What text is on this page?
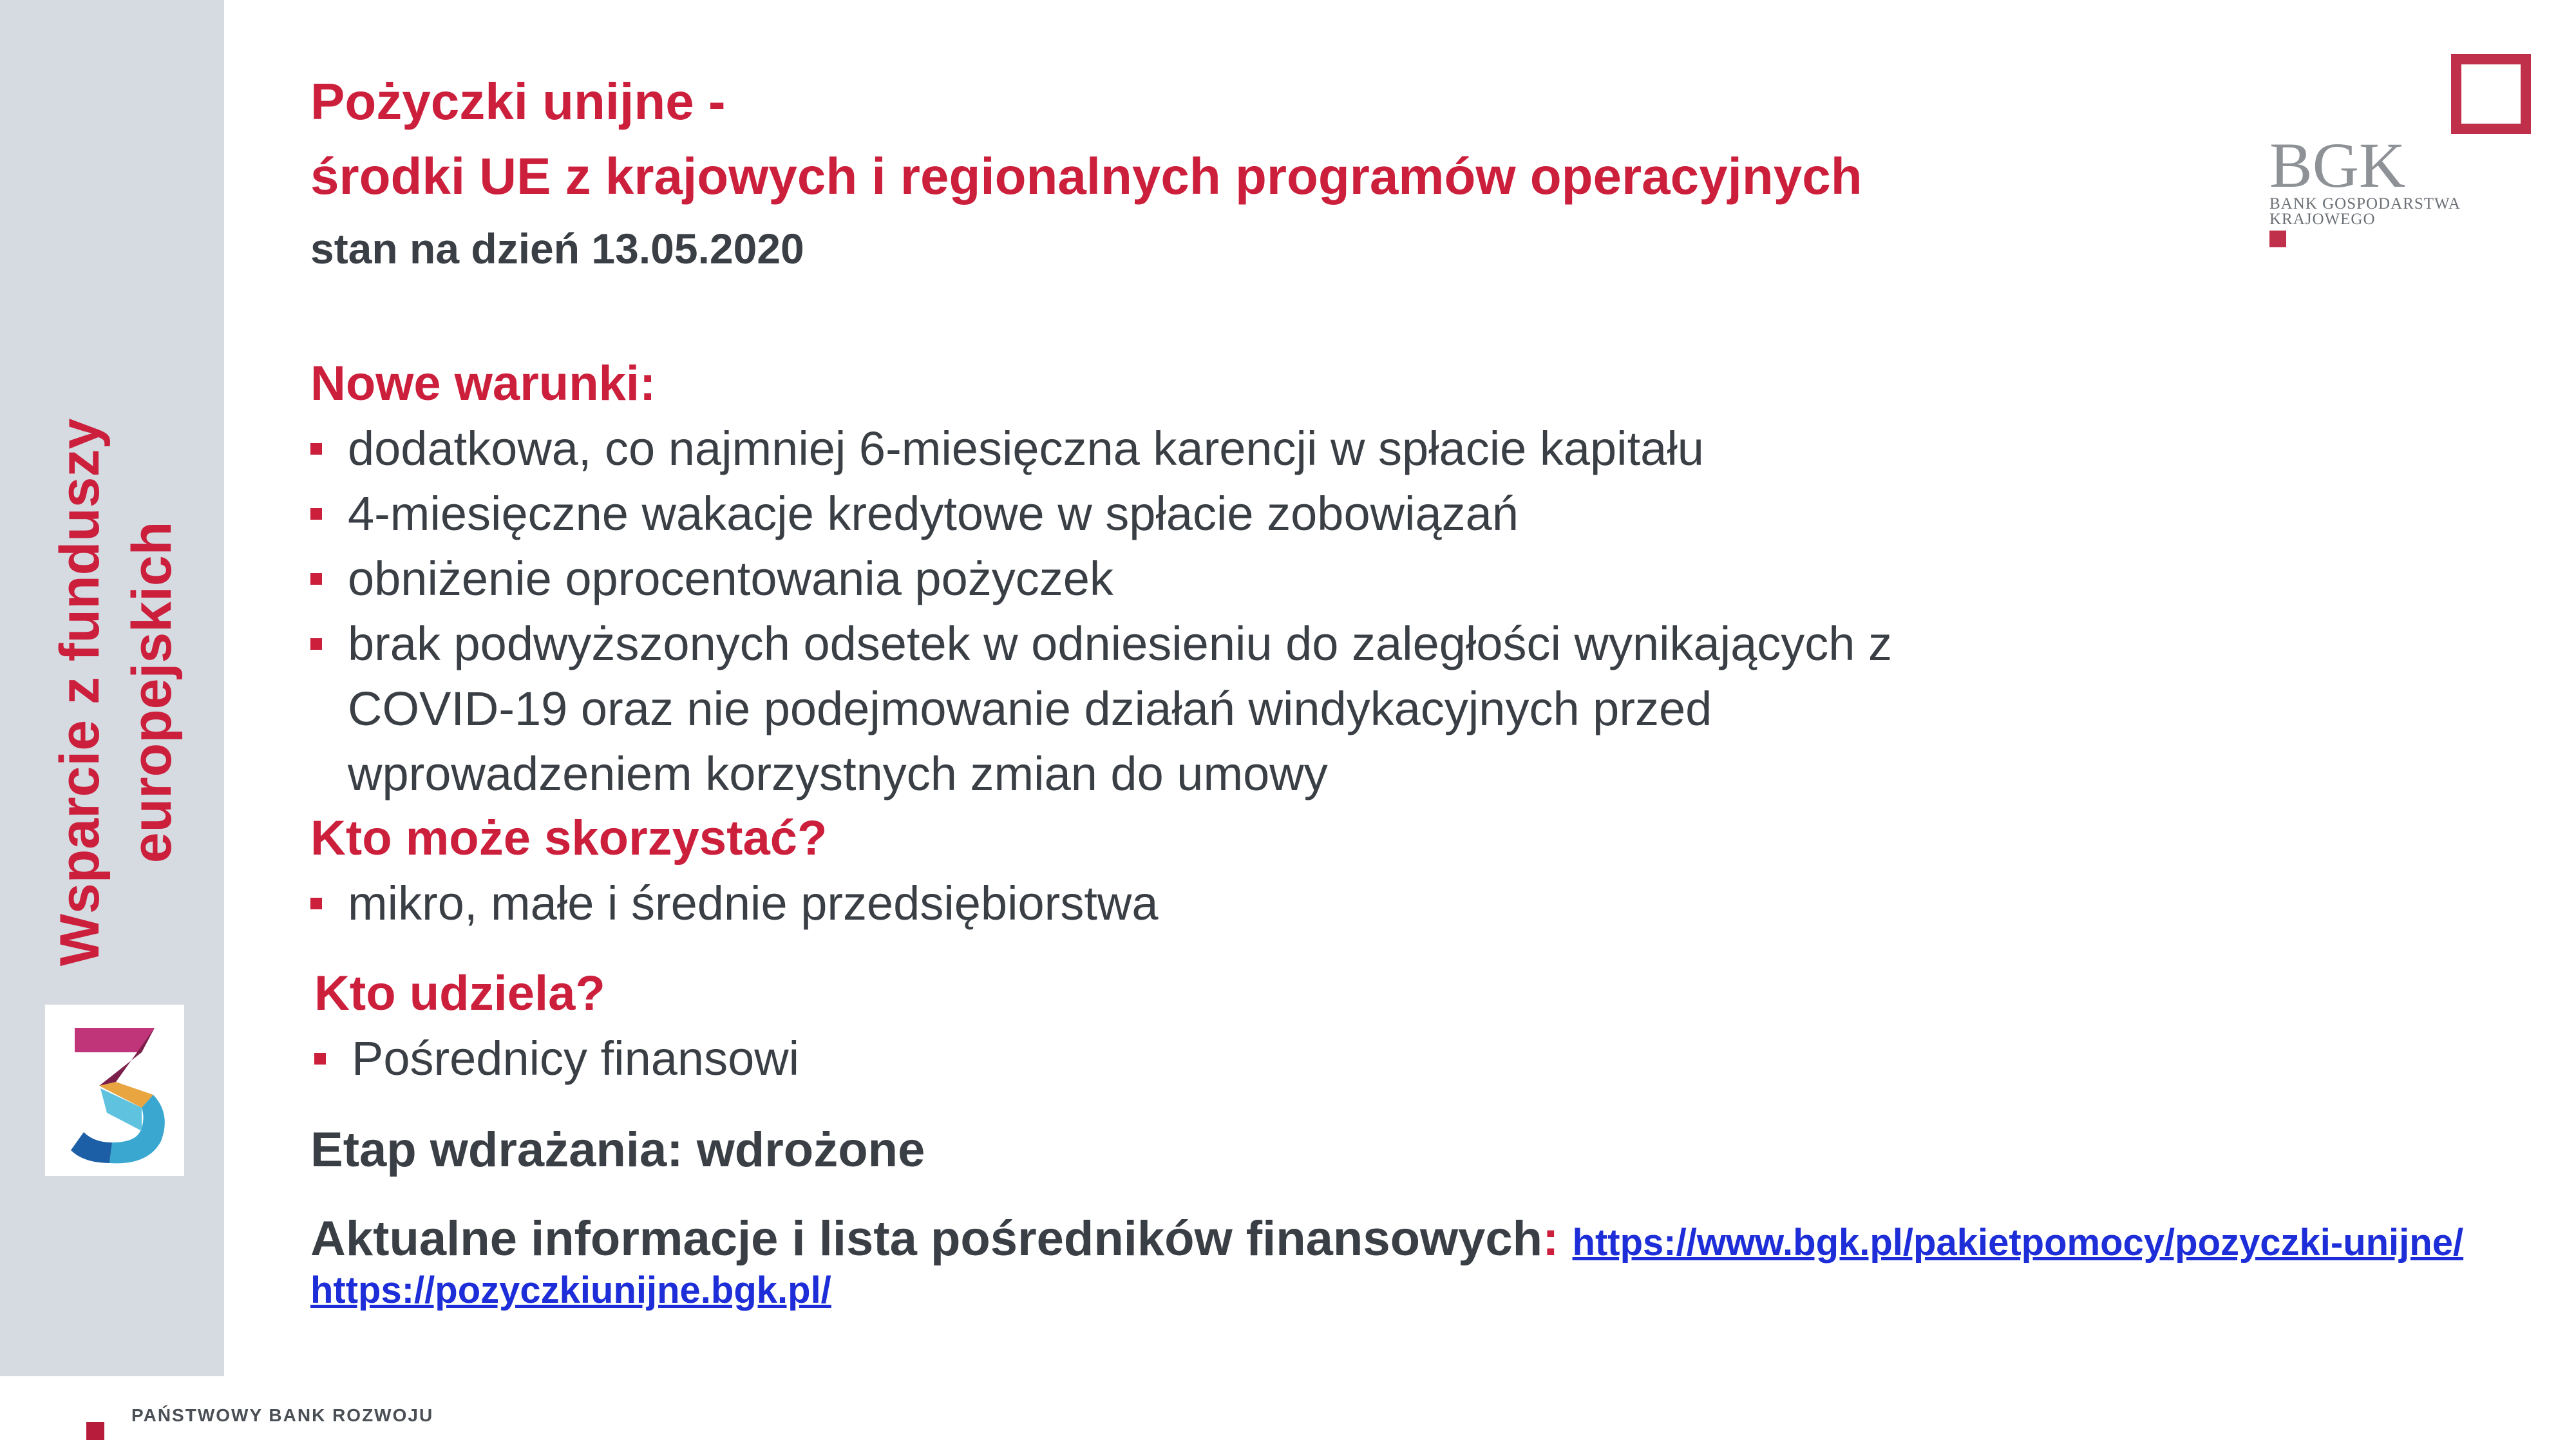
Wsparcie z funduszy europejskich
BGK
BANK GOSPODARSTWA
KRAJOWEGO
Pożyczki unijne -
środki UE z krajowych i regionalnych programów operacyjnych
stan na dzień 13.05.2020
Nowe warunki:
dodatkowa, co najmniej 6-miesięczna karencji w spłacie kapitału
4-miesięczne wakacje kredytowe w spłacie zobowiązań
obniżenie oprocentowania pożyczek
brak podwyższonych odsetek w odniesieniu do zaległości wynikających z COVID-19 oraz nie podejmowanie działań windykacyjnych przed wprowadzeniem korzystnych zmian do umowy
Kto może skorzystać?
mikro, małe i średnie przedsiębiorstwa
Kto udziela?
Pośrednicy finansowi
Etap wdrażania: wdrożone
Aktualne informacje i lista pośredników finansowych: https://www.bgk.pl/pakietpomocy/pozyczki-unijne/
https://pozyczkiunijne.bgk.pl/
PAŃSTWOWY BANK ROZWOJU
